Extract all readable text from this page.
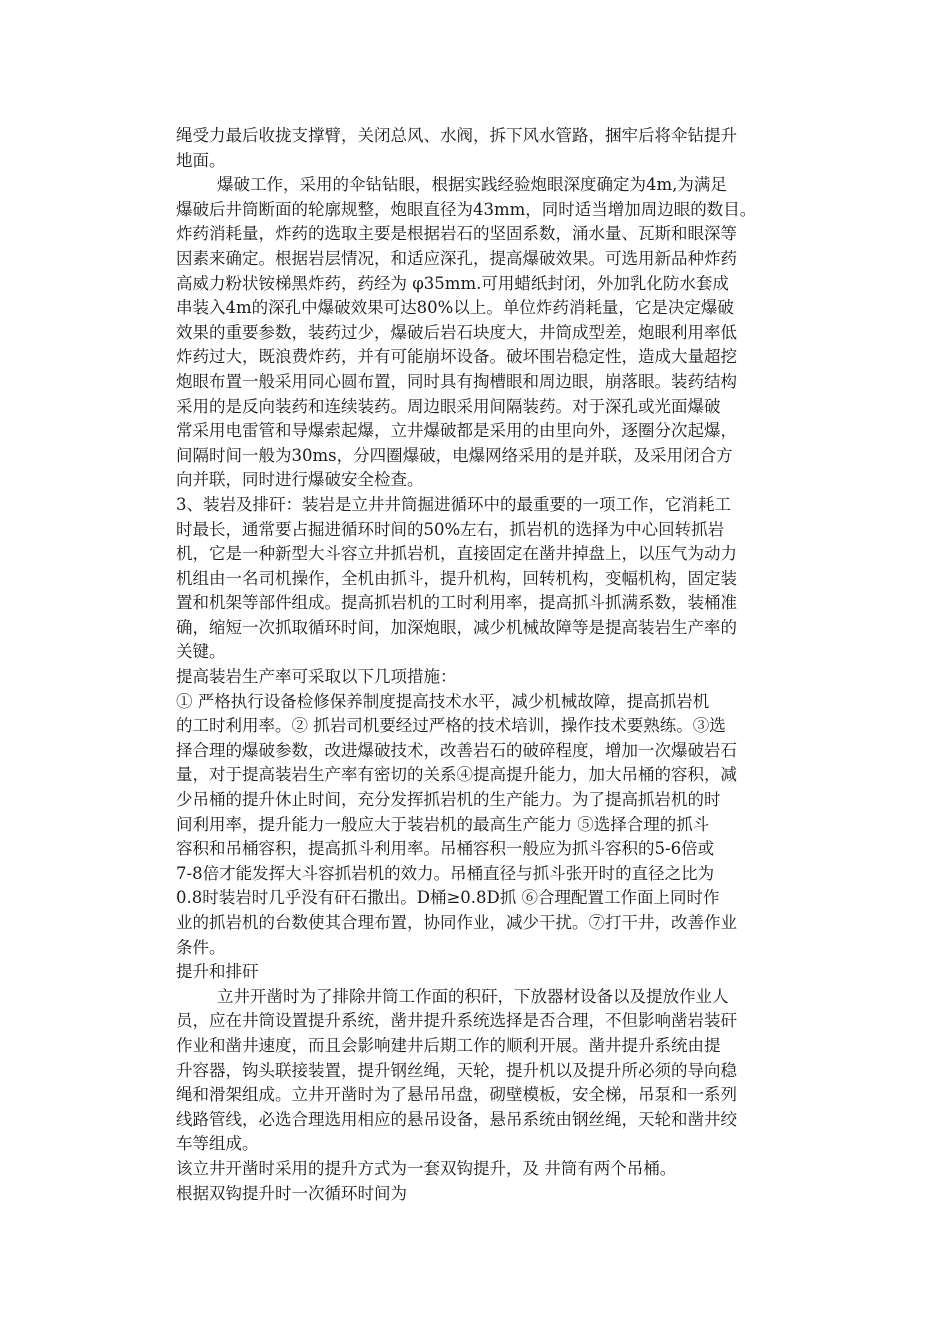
绳受力最后收拢支撑臂，关闭总风、水阀，拆下风水管路，捆牢后将伞钻提升
地面。
爆破工作，采用的伞钻钻眼，根据实践经验炮眼深度确定为4m,为满足
爆破后井筒断面的轮廓规整，炮眼直径为43mm，同时适当增加周边眼的数目。
炸药消耗量，炸药的选取主要是根据岩石的坚固系数，涌水量、瓦斯和眼深等
因素来确定。根据岩层情况，和适应深孔，提高爆破效果。可选用新品种炸药
高威力粉状铵梯黑炸药，药经为 φ35mm.可用蜡纸封闭，外加乳化防水套成
串装入4m的深孔中爆破效果可达80%以上。单位炸药消耗量，它是决定爆破
效果的重要参数，装药过少，爆破后岩石块度大，井筒成型差，炮眼利用率低
炸药过大，既浪费炸药，并有可能崩坏设备。破坏围岩稳定性，造成大量超挖
炮眼布置一般采用同心圆布置，同时具有掏槽眼和周边眼，崩落眼。装药结构
采用的是反向装药和连续装药。周边眼采用间隔装药。对于深孔或光面爆破
常采用电雷管和导爆索起爆，立井爆破都是采用的由里向外，逐圈分次起爆，
间隔时间一般为30ms，分四圈爆破，电爆网络采用的是并联，及采用闭合方
向并联，同时进行爆破安全检查。
3、装岩及排矸：装岩是立井井筒掘进循环中的最重要的一项工作，它消耗工
时最长，通常要占掘进循环时间的50%左右，抓岩机的选择为中心回转抓岩
机，它是一种新型大斗容立井抓岩机，直接固定在凿井掉盘上，以压气为动力
机组由一名司机操作，全机由抓斗，提升机构，回转机构，变幅机构，固定装
置和机架等部件组成。提高抓岩机的工时利用率，提高抓斗抓满系数，装桶准
确，缩短一次抓取循环时间，加深炮眼，减少机械故障等是提高装岩生产率的
关键。
提高装岩生产率可采取以下几项措施：
① 严格执行设备检修保养制度提高技术水平，减少机械故障，提高抓岩机
的工时利用率。② 抓岩司机要经过严格的技术培训，操作技术要熟练。③选
择合理的爆破参数，改进爆破技术，改善岩石的破碎程度，增加一次爆破岩石
量，对于提高装岩生产率有密切的关系④提高提升能力，加大吊桶的容积，减
少吊桶的提升休止时间，充分发挥抓岩机的生产能力。为了提高抓岩机的时
间利用率，提升能力一般应大于装岩机的最高生产能力 ⑤选择合理的抓斗
容积和吊桶容积，提高抓斗利用率。吊桶容积一般应为抓斗容积的5-6倍或
7-8倍才能发挥大斗容抓岩机的效力。吊桶直径与抓斗张开时的直径之比为
0.8时装岩时几乎没有矸石撒出。D桶≥0.8D抓 ⑥合理配置工作面上同时作
业的抓岩机的台数使其合理布置，协同作业，减少干扰。⑦打干井，改善作业
条件。
提升和排矸
立井开凿时为了排除井筒工作面的积矸，下放器材设备以及提放作业人
员，应在井筒设置提升系统，凿井提升系统选择是否合理，不但影响凿岩装矸
作业和凿井速度，而且会影响建井后期工作的顺利开展。凿井提升系统由提
升容器，钩头联接装置，提升钢丝绳，天轮，提升机以及提升所必须的导向稳
绳和滑架组成。立井开凿时为了悬吊吊盘，砌壁模板，安全梯，吊泵和一系列
线路管线，必选合理选用相应的悬吊设备，悬吊系统由钢丝绳，天轮和凿井绞
车等组成。
该立井开凿时采用的提升方式为一套双钩提升，及 井筒有两个吊桶。
根据双钩提升时一次循环时间为
